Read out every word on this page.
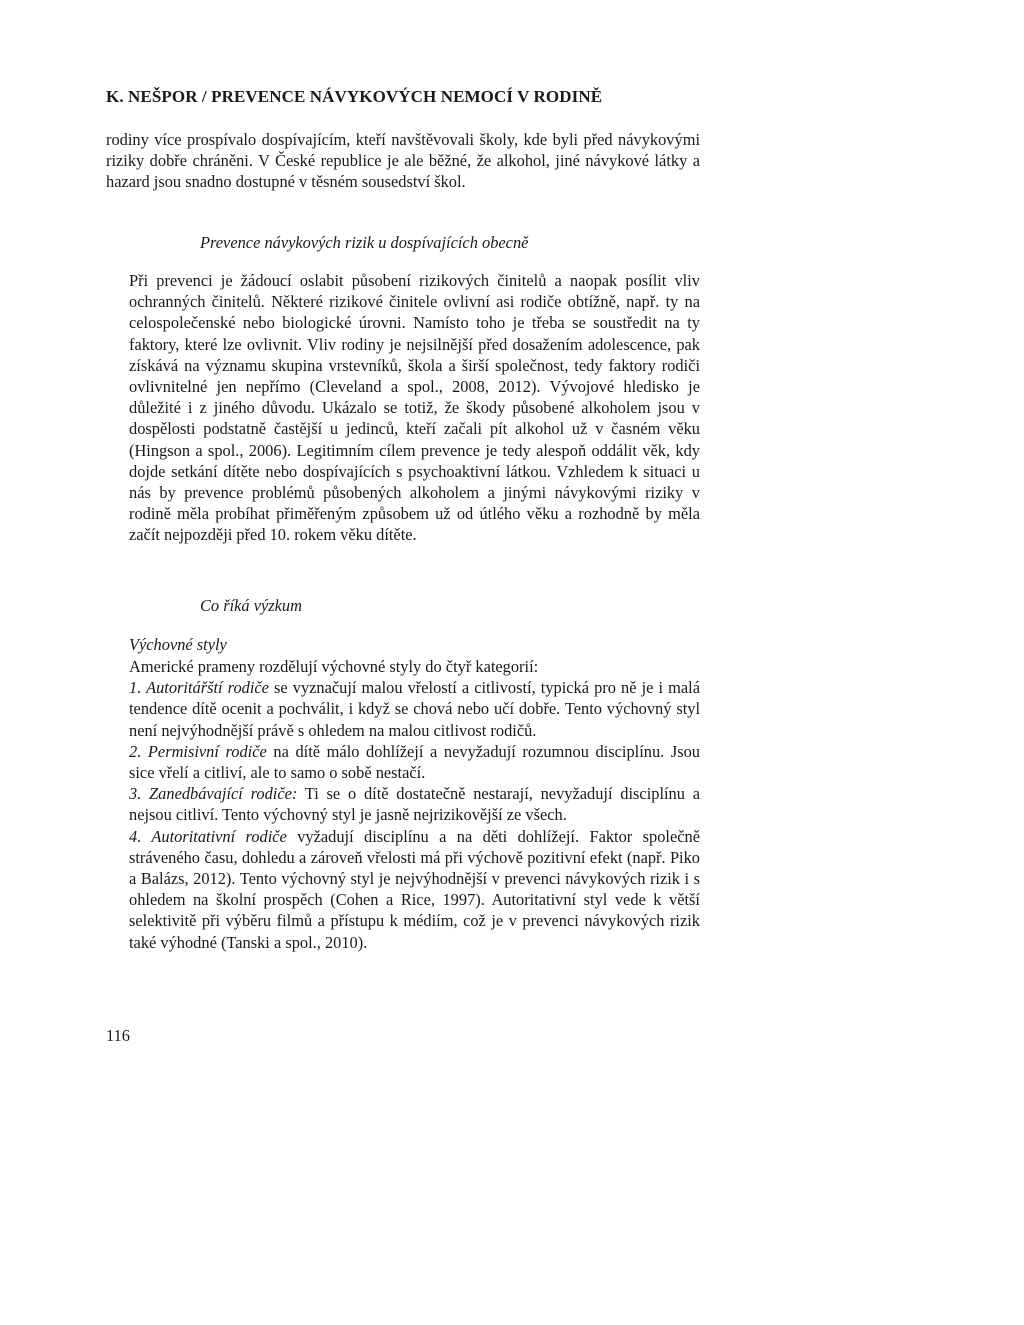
K. NEŠPOR / PREVENCE NÁVYKOVÝCH NEMOCÍ V RODINĚ

rodiny více prospívalo dospívajícím, kteří navštěvovali školy, kde byli před návykovými riziky dobře chráněni. V České republice je ale běžné, že alkohol, jiné návykové látky a hazard jsou snadno dostupné v těsném sousedství škol.

Prevence návykových rizik u dospívajících obecně

Při prevenci je žádoucí oslabit působení rizikových činitelů a naopak posílit vliv ochranných činitelů. Některé rizikové činitele ovlivní asi rodiče obtížně, např. ty na celospolečenské nebo biologické úrovni. Namísto toho je třeba se soustředit na ty faktory, které lze ovlivnit. Vliv rodiny je nejsilnější před dosažením adolescence, pak získává na významu skupina vrstevníků, škola a širší společnost, tedy faktory rodiči ovlivnitelné jen nepřímo (Cleveland a spol., 2008, 2012). Vývojové hledisko je důležité i z jiného důvodu. Ukázalo se totiž, že škody působené alkoholem jsou v dospělosti podstatně častější u jedinců, kteří začali pít alkohol už v časném věku (Hingson a spol., 2006). Legitimním cílem prevence je tedy alespoň oddálit věk, kdy dojde setkání dítěte nebo dospívajících s psychoaktivní látkou. Vzhledem k situaci u nás by prevence problémů působených alkoholem a jinými návykovými riziky v rodině měla probíhat přiměřeným způsobem už od útlého věku a rozhodně by měla začít nejpozději před 10. rokem věku dítěte.

Co říká výzkum
Výchovné styly

Americké prameny rozdělují výchovné styly do čtyř kategorií:

1. Autoritářští rodiče se vyznačují malou vřelostí a citlivostí, typická pro ně je i malá tendence dítě ocenit a pochválit, i když se chová nebo učí dobře. Tento výchovný styl není nejvýhodnější právě s ohledem na malou citlivost rodičů.

2. Permisivní rodiče na dítě málo dohlížejí a nevyžadují rozumnou disciplínu. Jsou sice vřelí a citliví, ale to samo o sobě nestačí.

3. Zanedbávající rodiče: Ti se o dítě dostatečně nestarají, nevyžadují disciplínu a nejsou citliví. Tento výchovný styl je jasně nejrizikovější ze všech.

4. Autoritativní rodiče vyžadují disciplínu a na děti dohlížejí. Faktor společně stráveného času, dohledu a zároveň vřelosti má při výchově pozitivní efekt (např. Piko a Balázs, 2012). Tento výchovný styl je nejvýhodnější v prevenci návykových rizik i s ohledem na školní prospěch (Cohen a Rice, 1997). Autoritativní styl vede k větší selektivitě při výběru filmů a přístupu k médiím, což je v prevenci návykových rizik také výhodné (Tanski a spol., 2010).

116
